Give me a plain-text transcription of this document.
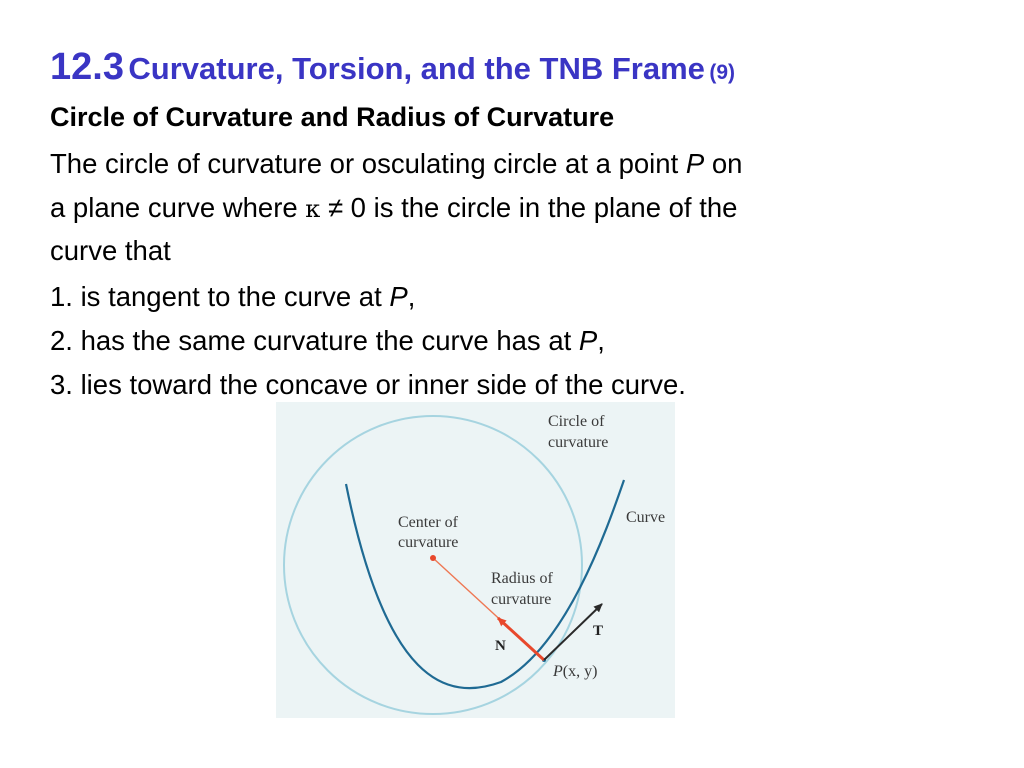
12.3 Curvature, Torsion, and the TNB Frame (9)
Circle of Curvature and Radius of Curvature
The circle of curvature or osculating circle at a point P on
a plane curve where κ ≠ 0 is the circle in the plane of the
curve that
1. is tangent to the curve at P,
2. has the same curvature the curve has at P,
3. lies toward the concave or inner side of the curve.
Circle of
curvature
Curve
Center of
curvature
Radius of
curvature
N
T
P(x, y)
